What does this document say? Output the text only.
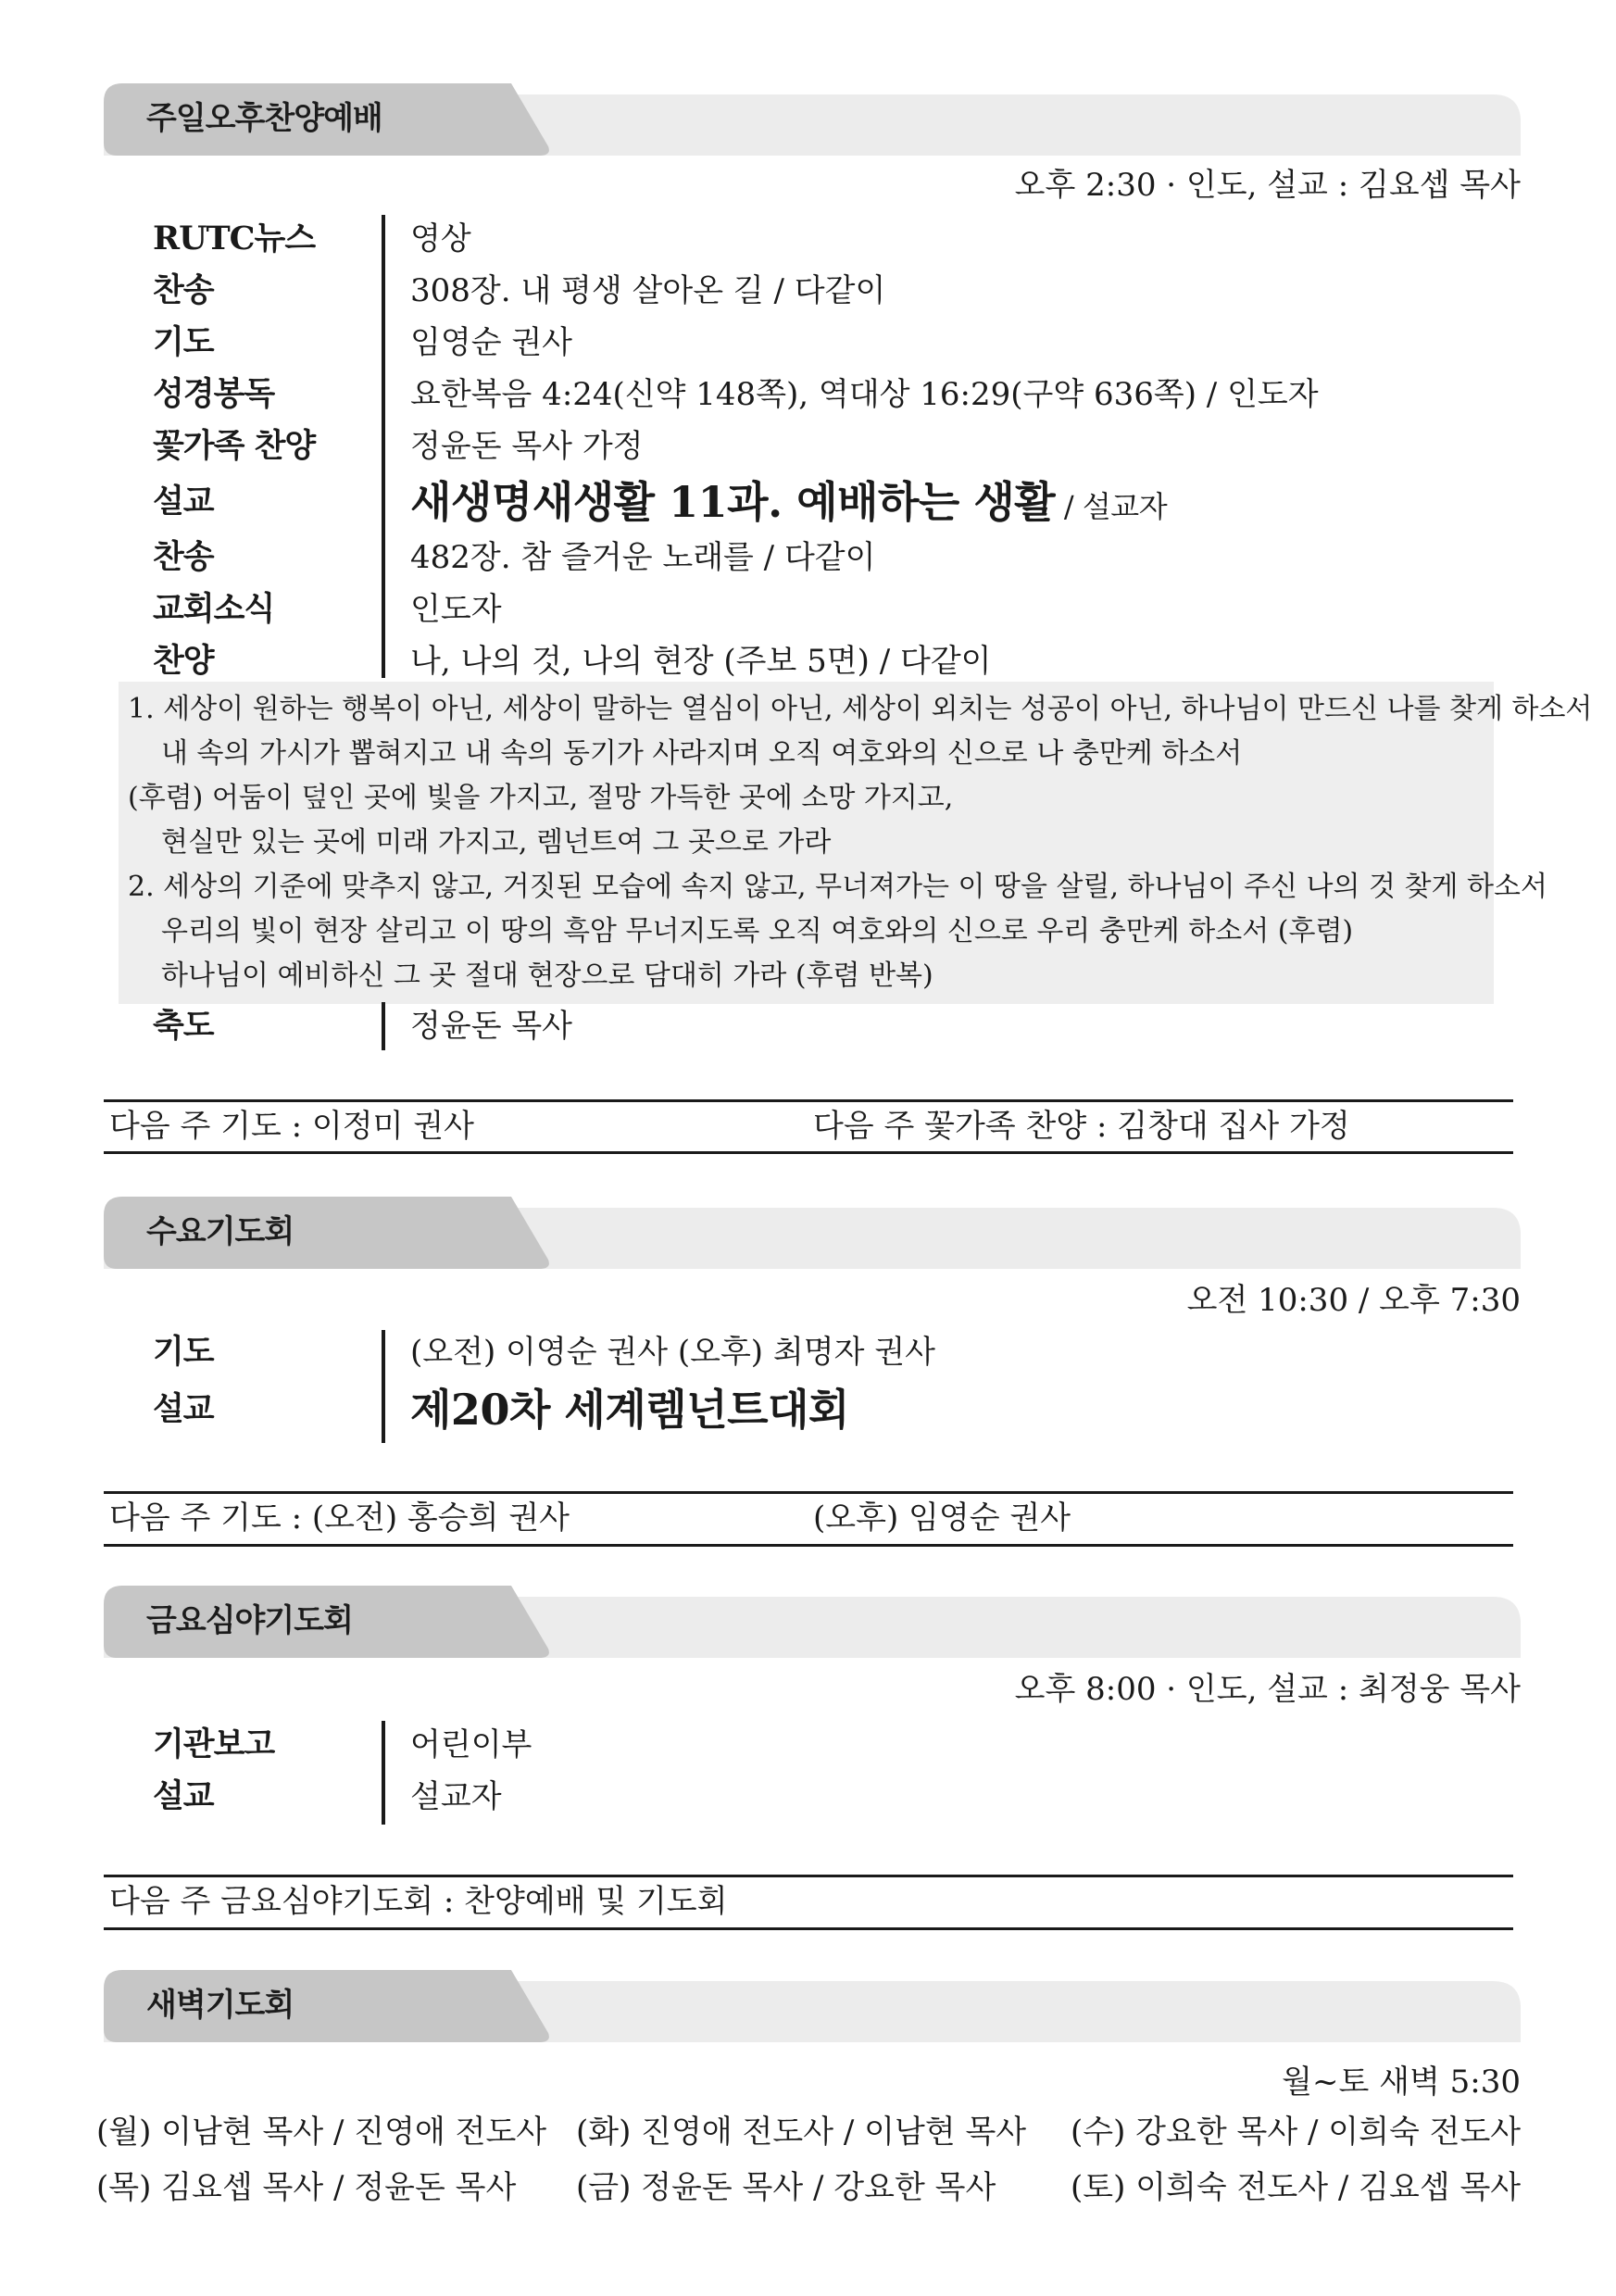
주일오후찬양예배
오후 2:30 · 인도, 설교 : 김요셉 목사
RUTC뉴스	영상
찬송	308장. 내 평생 살아온 길 / 다같이
기도	임영순 권사
성경봉독	요한복음 4:24(신약 148쪽), 역대상 16:29(구약 636쪽) / 인도자
꽃가족 찬양	정윤돈 목사 가정
설교	새생명새생활 11과. 예배하는 생활 / 설교자
찬송	482장. 참 즐거운 노래를 / 다같이
교회소식	인도자
찬양	나, 나의 것, 나의 현장 (주보 5면) / 다같이
1. 세상이 원하는 행복이 아닌, 세상이 말하는 열심이 아닌, 세상이 외치는 성공이 아닌, 하나님이 만드신 나를 찾게 하소서
내 속의 가시가 뽑혀지고 내 속의 동기가 사라지며 오직 여호와의 신으로 나 충만케 하소서
(후렴) 어둠이 덮인 곳에 빛을 가지고, 절망 가득한 곳에 소망 가지고,
현실만 있는 곳에 미래 가지고, 렘넌트여 그 곳으로 가라
2. 세상의 기준에 맞추지 않고, 거짓된 모습에 속지 않고, 무너져가는 이 땅을 살릴, 하나님이 주신 나의 것 찾게 하소서
우리의 빛이 현장 살리고 이 땅의 흑암 무너지도록 오직 여호와의 신으로 우리 충만케 하소서 (후렴)
하나님이 예비하신 그 곳 절대 현장으로 담대히 가라 (후렴 반복)
축도	정윤돈 목사
다음 주 기도 : 이정미 권사	다음 주 꽃가족 찬양 : 김창대 집사 가정
수요기도회
오전 10:30 / 오후 7:30
기도	(오전) 이영순 권사 (오후) 최명자 권사
설교	제20차 세계렘넌트대회
다음 주 기도 : (오전) 홍승희 권사	(오후) 임영순 권사
금요심야기도회
오후 8:00 · 인도, 설교 : 최정웅 목사
기관보고	어린이부
설교	설교자
다음 주 금요심야기도회 : 찬양예배 및 기도회
새벽기도회
월~토 새벽 5:30
(월) 이남현 목사 / 진영애 전도사 (화) 진영애 전도사 / 이남현 목사 (수) 강요한 목사 / 이희숙 전도사
(목) 김요셉 목사 / 정윤돈 목사 (금) 정윤돈 목사 / 강요한 목사 (토) 이희숙 전도사 / 김요셉 목사
